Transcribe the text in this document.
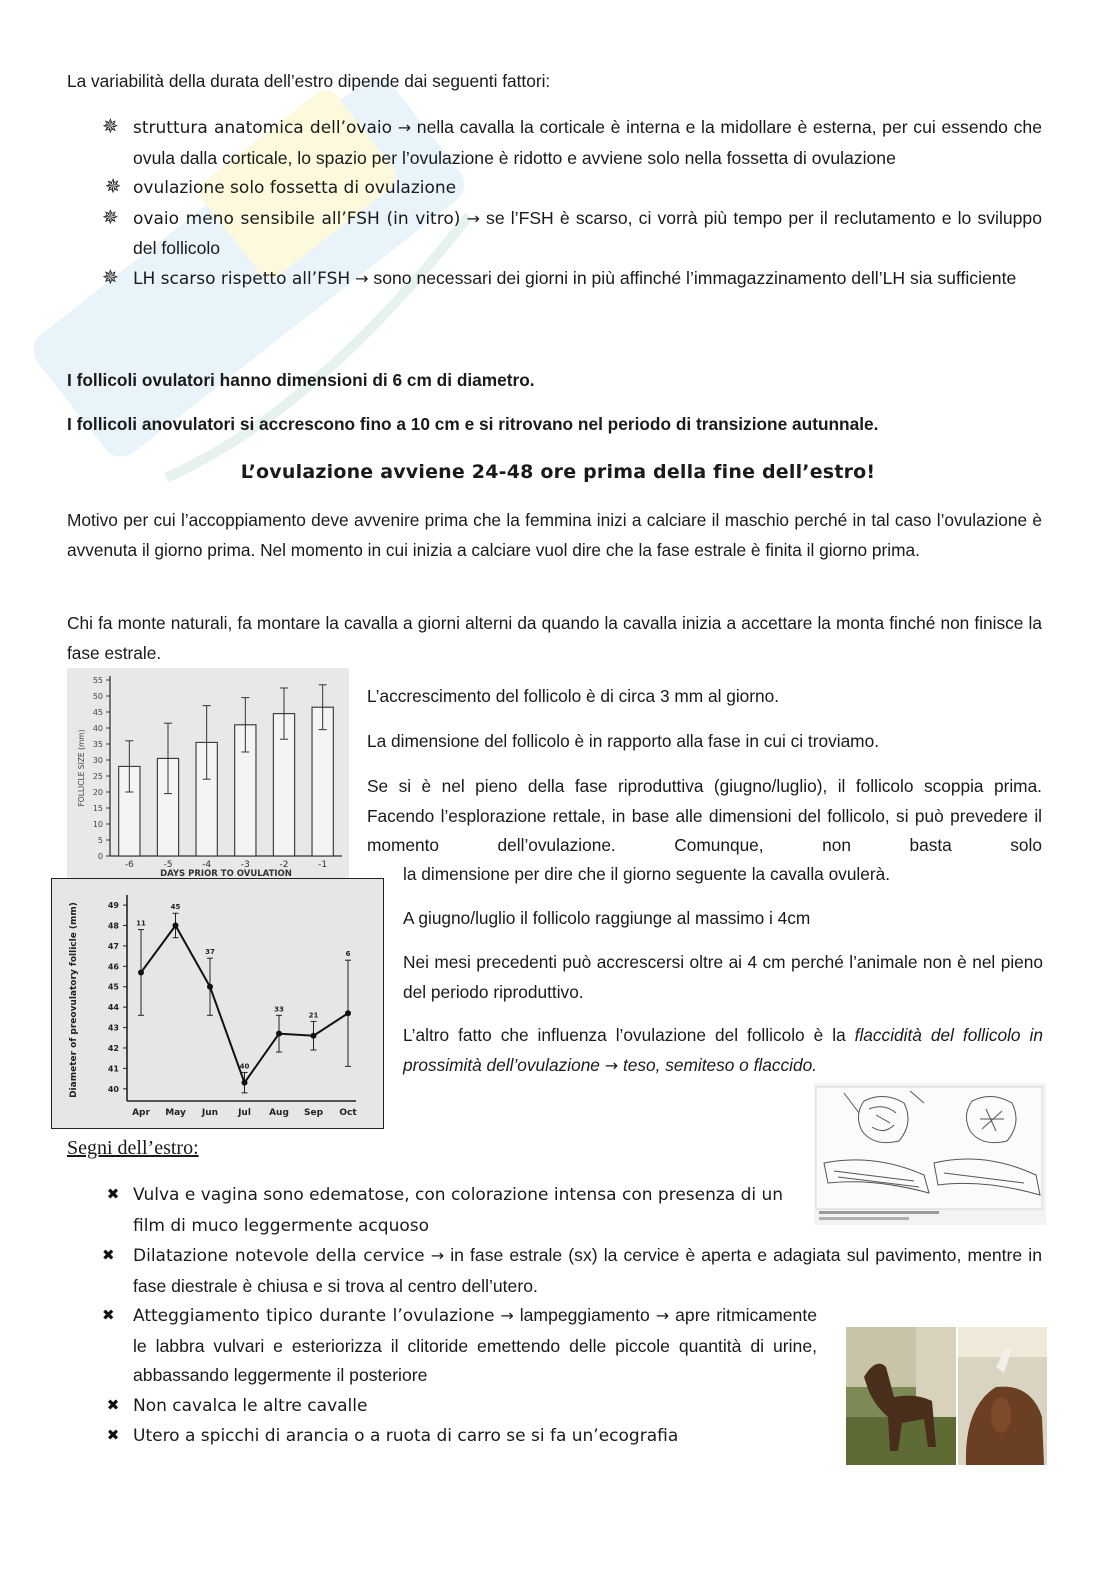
La variabilità della durata dell’estro dipende dai seguenti fattori:
✵ struttura anatomica dell’ovaio → nella cavalla la corticale è interna e la midollare è esterna, per cui essendo che ovula dalla corticale, lo spazio per l’ovulazione è ridotto e avviene solo nella fossetta di ovulazione
✵ ovulazione solo fossetta di ovulazione
✵ ovaio meno sensibile all’FSH (in vitro) → se l’FSH è scarso, ci vorrà più tempo per il reclutamento e lo sviluppo del follicolo
✵ LH scarso rispetto all’FSH → sono necessari dei giorni in più affinché l’immagazzinamento dell’LH sia sufficiente
I follicoli ovulatori hanno dimensioni di 6 cm di diametro.
I follicoli anovulatori si accrescono fino a 10 cm e si ritrovano nel periodo di transizione autunnale.
L’ovulazione avviene 24-48 ore prima della fine dell’estro!
Motivo per cui l’accoppiamento deve avvenire prima che la femmina inizi a calciare il maschio perché in tal caso l’ovulazione è avvenuta il giorno prima. Nel momento in cui inizia a calciare vuol dire che la fase estrale è finita il giorno prima.
Chi fa monte naturali, fa montare la cavalla a giorni alterni da quando la cavalla inizia a accettare la monta finché non finisce la fase estrale.
55
50
45
40
35
30
25
20
15
10
5
0
-6	-5	-4	-3	-2	-1
DAYS PRIOR TO OVULATION
FOLLICLE SIZE (mm)
49
48
47
46
45
44
43
42
41
40
11
Apr
45
May
37
Jun
40
Jul
33
Aug
21
Sep
6
Oct
Diameter of preovulatory follicle (mm)
L’accrescimento del follicolo è di circa 3 mm al giorno.
La dimensione del follicolo è in rapporto alla fase in cui ci troviamo.
Se si è nel pieno della fase riproduttiva (giugno/luglio), il follicolo scoppia prima. Facendo l’esplorazione rettale, in base alle dimensioni del follicolo, si può prevedere il momento dell’ovulazione. Comunque, non basta solo
la dimensione per dire che il giorno seguente la cavalla ovulerà.
A giugno/luglio il follicolo raggiunge al massimo i 4cm
Nei mesi precedenti può accrescersi oltre ai 4 cm perché l’animale non è nel pieno del periodo riproduttivo.
L’altro fatto che influenza l’ovulazione del follicolo è la flaccidità del follicolo in prossimità dell’ovulazione → teso, semiteso o flaccido.
Segni dell’estro:
✖ Vulva e vagina sono edematose, con colorazione intensa con presenza di un film di muco leggermente acquoso
✖	Dilatazione notevole della cervice → in fase estrale (sx) la cervice è aperta e adagiata sul pavimento, mentre in fase diestrale è chiusa e si trova al centro dell’utero.
✖	Atteggiamento tipico durante l’ovulazione → lampeggiamento → apre ritmicamente le labbra vulvari e esteriorizza il clitoride emettendo delle piccole quantità di urine, abbassando leggermente il posteriore
✖ Non cavalca le altre cavalle
✖ Utero a spicchi di arancia o a ruota di carro se si fa un’ecografia
